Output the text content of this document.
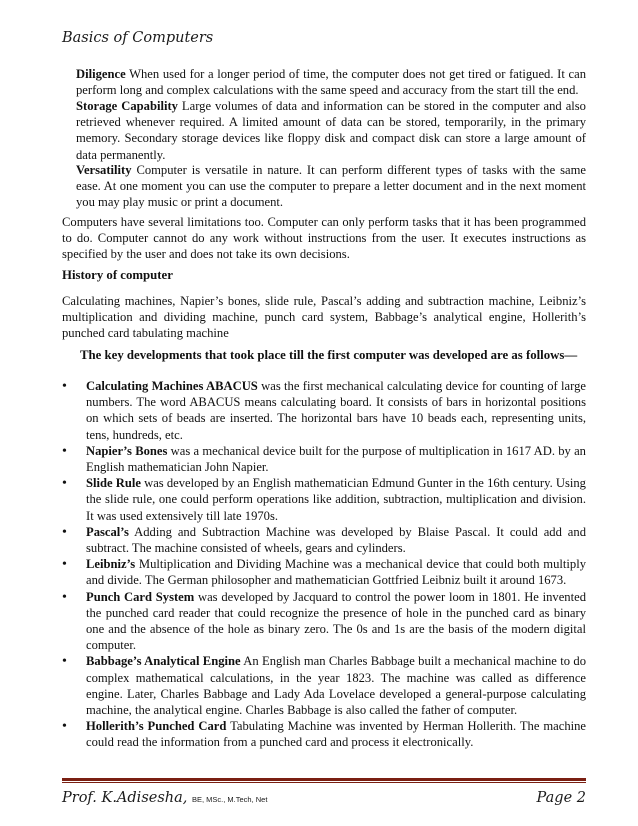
Basics of Computers
Diligence When used for a longer period of time, the computer does not get tired or fatigued. It can perform long and complex calculations with the same speed and accuracy from the start till the end.
Storage Capability Large volumes of data and information can be stored in the computer and also retrieved whenever required. A limited amount of data can be stored, temporarily, in the primary memory. Secondary storage devices like floppy disk and compact disk can store a large amount of data permanently.
Versatility Computer is versatile in nature. It can perform different types of tasks with the same ease. At one moment you can use the computer to prepare a letter document and in the next moment you may play music or print a document.
Computers have several limitations too. Computer can only perform tasks that it has been programmed to do. Computer cannot do any work without instructions from the user. It executes instructions as specified by the user and does not take its own decisions.
History of computer
Calculating machines, Napier’s bones, slide rule, Pascal’s adding and subtraction machine, Leibniz’s multiplication and dividing machine, punch card system, Babbage’s analytical engine, Hollerith’s punched card tabulating machine
The key developments that took place till the first computer was developed are as follows—
•
Calculating Machines ABACUS was the first mechanical calculating device for counting of large numbers. The word ABACUS means calculating board. It consists of bars in horizontal positions on which sets of beads are inserted. The horizontal bars have 10 beads each, representing units, tens, hundreds, etc.
•
Napier’s Bones was a mechanical device built for the purpose of multiplication in 1617 AD. by an English mathematician John Napier.
•
Slide Rule was developed by an English mathematician Edmund Gunter in the 16th century. Using the slide rule, one could perform operations like addition, subtraction, multiplication and division. It was used extensively till late 1970s.
•
Pascal’s Adding and Subtraction Machine was developed by Blaise Pascal. It could add and subtract. The machine consisted of wheels, gears and cylinders.
•
Leibniz’s Multiplication and Dividing Machine was a mechanical device that could both multiply and divide. The German philosopher and mathematician Gottfried Leibniz built it around 1673.
•
Punch Card System was developed by Jacquard to control the power loom in 1801. He invented the punched card reader that could recognize the presence of hole in the punched card as binary one and the absence of the hole as binary zero. The 0s and 1s are the basis of the modern digital computer.
•
Babbage’s Analytical Engine An English man Charles Babbage built a mechanical machine to do complex mathematical calculations, in the year 1823. The machine was called as difference engine. Later, Charles Babbage and Lady Ada Lovelace developed a general-purpose calculating machine, the analytical engine. Charles Babbage is also called the father of computer.
•
Hollerith’s Punched Card Tabulating Machine was invented by Herman Hollerith. The machine could read the information from a punched card and process it electronically.
Prof. K.Adisesha, BE, MSc., M.Tech, Net	Page 2
